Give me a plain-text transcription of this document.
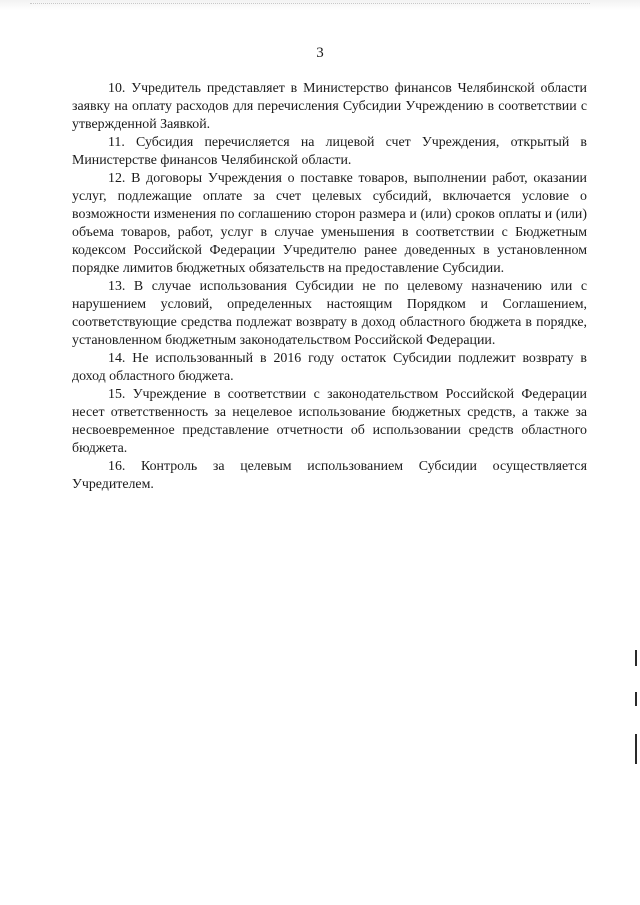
3

10. Учредитель представляет в Министерство финансов Челябинской области заявку на оплату расходов для перечисления Субсидии Учреждению в соответствии с утвержденной Заявкой.

11. Субсидия перечисляется на лицевой счет Учреждения, открытый в Министерстве финансов Челябинской области.

12. В договоры Учреждения о поставке товаров, выполнении работ, оказании услуг, подлежащие оплате за счет целевых субсидий, включается условие о возможности изменения по соглашению сторон размера и (или) сроков оплаты и (или) объема товаров, работ, услуг в случае уменьшения в соответствии с Бюджетным кодексом Российской Федерации Учредителю ранее доведенных в установленном порядке лимитов бюджетных обязательств на предоставление Субсидии.

13. В случае использования Субсидии не по целевому назначению или с нарушением условий, определенных настоящим Порядком и Соглашением, соответствующие средства подлежат возврату в доход областного бюджета в порядке, установленном бюджетным законодательством Российской Федерации.

14. Не использованный в 2016 году остаток Субсидии подлежит возврату в доход областного бюджета.

15. Учреждение в соответствии с законодательством Российской Федерации несет ответственность за нецелевое использование бюджетных средств, а также за несвоевременное представление отчетности об использовании средств областного бюджета.

16. Контроль за целевым использованием Субсидии осуществляется Учредителем.
